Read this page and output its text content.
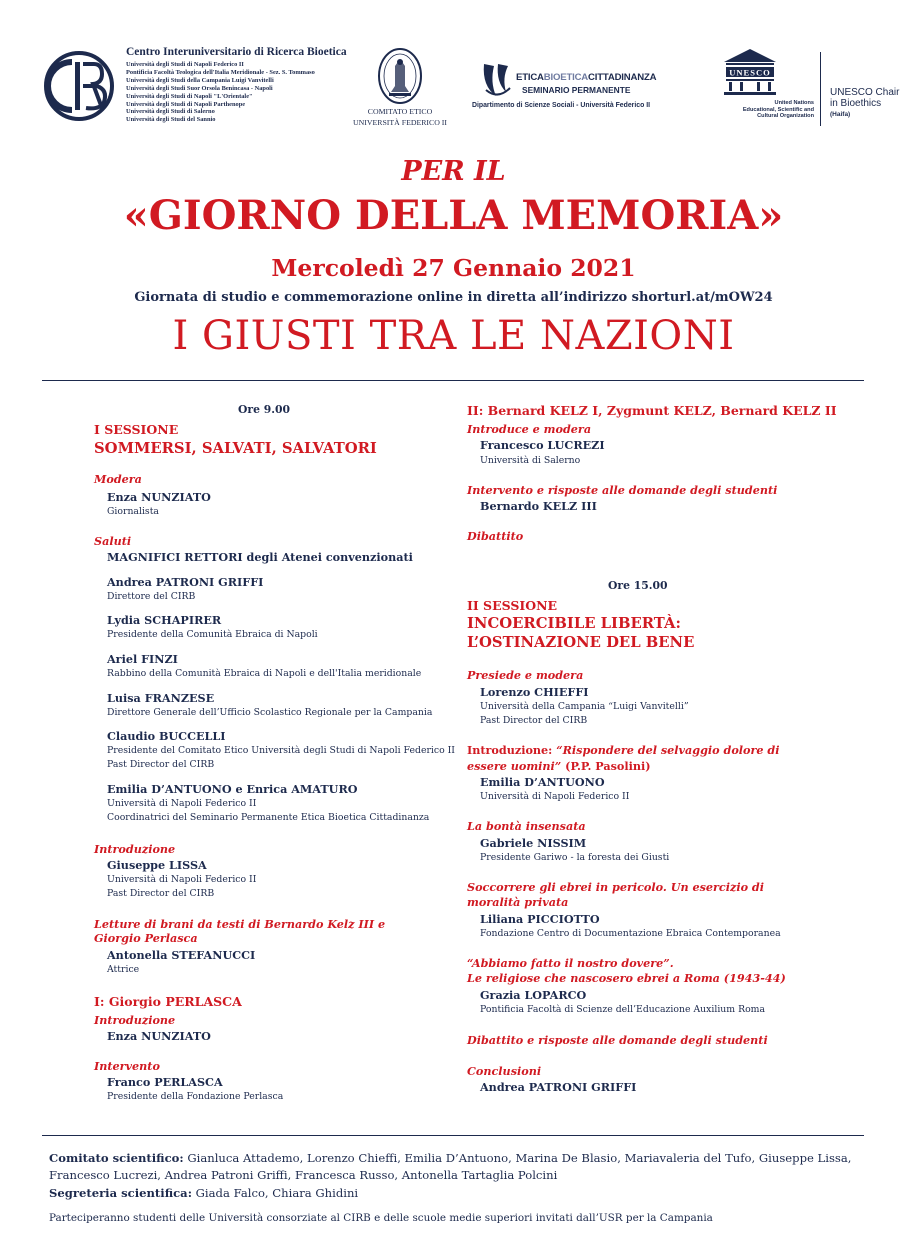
Centro Interuniversitario di Ricerca Bioetica
Università degli Studi di Napoli Federico II
Pontificia Facoltà Teologica dell'Italia Meridionale - Sez. S. Tommaso
Università degli Studi della Campania Luigi Vanvitelli
Università degli Studi Suor Orsola Benincasa - Napoli
Università degli Studi di Napoli "L'Orientale"
Università degli Studi di Napoli Parthenope
Università degli Studi di Salerno
Università degli Studi del Sannio
COMITATO ETICO
UNIVERSITÀ FEDERICO II
ETICABIOETICACITTADINANZA
SEMINARIO PERMANENTE
Dipartimento di Scienze Sociali - Università Federico II
UNESCO
United Nations
Educational, Scientific and
Cultural Organization
UNESCO Chair
in Bioethics
(Haifa)
PER IL
«GIORNO DELLA MEMORIA»
Mercoledì 27 Gennaio 2021
Giornata di studio e commemorazione online in diretta all’indirizzo shorturl.at/mOW24
I GIUSTI TRA LE NAZIONI
Ore 9.00
I SESSIONE
SOMMERSI, SALVATI, SALVATORI
Modera
Enza NUNZIATO
Giornalista
Saluti
MAGNIFICI RETTORI degli Atenei convenzionati
Andrea PATRONI GRIFFI
Direttore del CIRB
Lydia SCHAPIRER
Presidente della Comunità Ebraica di Napoli
Ariel FINZI
Rabbino della Comunità Ebraica di Napoli e dell'Italia meridionale
Luisa FRANZESE
Direttore Generale dell’Ufficio Scolastico Regionale per la Campania
Claudio BUCCELLI
Presidente del Comitato Etico Università degli Studi di Napoli Federico II
Past Director del CIRB
Emilia D’ANTUONO e Enrica AMATURO
Università di Napoli Federico II
Coordinatrici del Seminario Permanente Etica Bioetica Cittadinanza
Introduzione
Giuseppe LISSA
Università di Napoli Federico II
Past Director del CIRB
Letture di brani da testi di Bernardo Kelz III e
Giorgio Perlasca
Antonella STEFANUCCI
Attrice
I: Giorgio PERLASCA
Introduzione
Enza NUNZIATO
Intervento
Franco PERLASCA
Presidente della Fondazione Perlasca
II: Bernard KELZ I, Zygmunt KELZ, Bernard KELZ II
Introduce e modera
Francesco LUCREZI
Università di Salerno
Intervento e risposte alle domande degli studenti
Bernardo KELZ III
Dibattito
Ore 15.00
II SESSIONE
INCOERCIBILE LIBERTÀ:
L’OSTINAZIONE DEL BENE
Presiede e modera
Lorenzo CHIEFFI
Università della Campania “Luigi Vanvitelli”
Past Director del CIRB
Introduzione: “Rispondere del selvaggio dolore di
essere uomini” (P.P. Pasolini)
Emilia D’ANTUONO
Università di Napoli Federico II
La bontà insensata
Gabriele NISSIM
Presidente Gariwo - la foresta dei Giusti
Soccorrere gli ebrei in pericolo. Un esercizio di
moralità privata
Liliana PICCIOTTO
Fondazione Centro di Documentazione Ebraica Contemporanea
“Abbiamo fatto il nostro dovere”.
Le religiose che nascosero ebrei a Roma (1943-44)
Grazia LOPARCO
Pontificia Facoltà di Scienze dell’Educazione Auxilium Roma
Dibattito e risposte alle domande degli studenti
Conclusioni
Andrea PATRONI GRIFFI
Comitato scientifico: Gianluca Attademo, Lorenzo Chieffi, Emilia D’Antuono, Marina De Blasio, Mariavaleria del Tufo, Giuseppe Lissa, Francesco Lucrezi, Andrea Patroni Griffi, Francesca Russo, Antonella Tartaglia Polcini
Segreteria scientifica: Giada Falco, Chiara Ghidini
Parteciperanno studenti delle Università consorziate al CIRB e delle scuole medie superiori invitati dall’USR per la Campania
